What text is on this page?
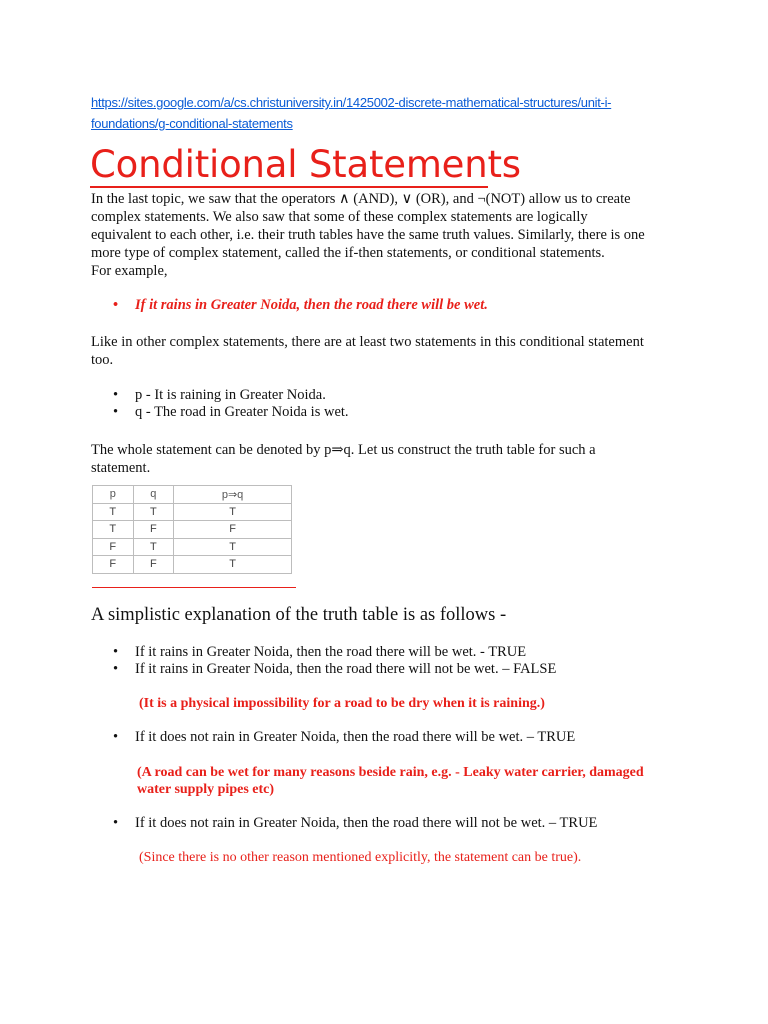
https://sites.google.com/a/cs.christuniversity.in/1425002-discrete-mathematical-structures/unit-i-
foundations/g-conditional-statements
Conditional Statements

In the last topic, we saw that the operators ∧ (AND), ∨ (OR), and ¬(NOT) allow us to create
complex statements. We also saw that some of these complex statements are logically
equivalent to each other, i.e. their truth tables have the same truth values. Similarly, there is one
more type of complex statement, called the if-then statements, or conditional statements.
For example,

• If it rains in Greater Noida, then the road there will be wet.

Like in other complex statements, there are at least two statements in this conditional statement
too.

• p - It is raining in Greater Noida.
• q - The road in Greater Noida is wet.

The whole statement can be denoted by p⇒q. Let us construct the truth table for such a
statement.

p	q	p⇒q
T	T	T
T	F	F
F	T	T
F	F	T
A simplistic explanation of the truth table is as follows -
• If it rains in Greater Noida, then the road there will be wet. - TRUE
• If it rains in Greater Noida, then the road there will not be wet. – FALSE

(It is a physical impossibility for a road to be dry when it is raining.)

• If it does not rain in Greater Noida, then the road there will be wet. – TRUE

(A road can be wet for many reasons beside rain, e.g. - Leaky water carrier, damaged water supply pipes etc)

• If it does not rain in Greater Noida, then the road there will not be wet. – TRUE

(Since there is no other reason mentioned explicitly, the statement can be true).
